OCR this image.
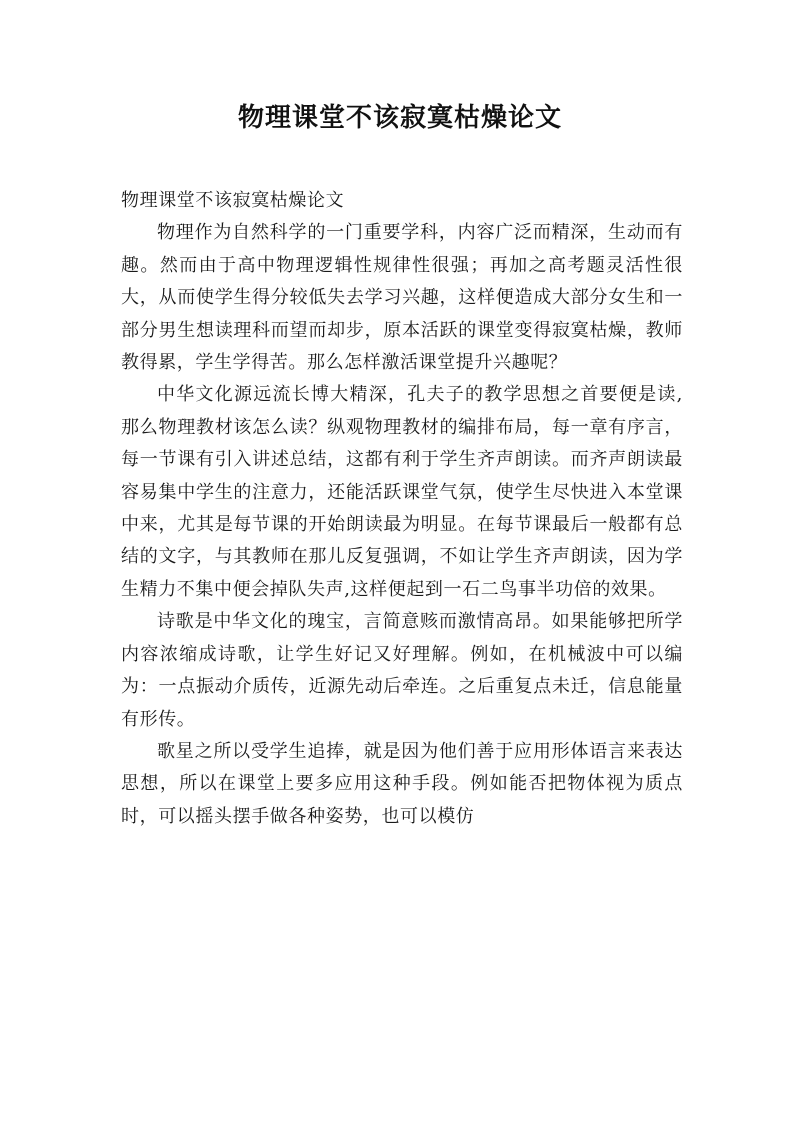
物理课堂不该寂寞枯燥论文

物理课堂不该寂寞枯燥论文

物理作为自然科学的一门重要学科，内容广泛而精深，生动而有趣。然而由于高中物理逻辑性规律性很强；再加之高考题灵活性很大，从而使学生得分较低失去学习兴趣，这样便造成大部分女生和一部分男生想读理科而望而却步，原本活跃的课堂变得寂寞枯燥，教师教得累，学生学得苦。那么怎样激活课堂提升兴趣呢？

中华文化源远流长博大精深，孔夫子的教学思想之首要便是读,那么物理教材该怎么读？纵观物理教材的编排布局，每一章有序言，每一节课有引入讲述总结，这都有利于学生齐声朗读。而齐声朗读最容易集中学生的注意力，还能活跃课堂气氛，使学生尽快进入本堂课中来，尤其是每节课的开始朗读最为明显。在每节课最后一般都有总结的文字，与其教师在那儿反复强调，不如让学生齐声朗读，因为学生精力不集中便会掉队失声,这样便起到一石二鸟事半功倍的效果。

诗歌是中华文化的瑰宝，言简意赅而激情高昂。如果能够把所学内容浓缩成诗歌，让学生好记又好理解。例如，在机械波中可以编为：一点振动介质传，近源先动后牵连。之后重复点未迁，信息能量有形传。

歌星之所以受学生追捧，就是因为他们善于应用形体语言来表达思想，所以在课堂上要多应用这种手段。例如能否把物体视为质点时，可以摇头摆手做各种姿势，也可以模仿
